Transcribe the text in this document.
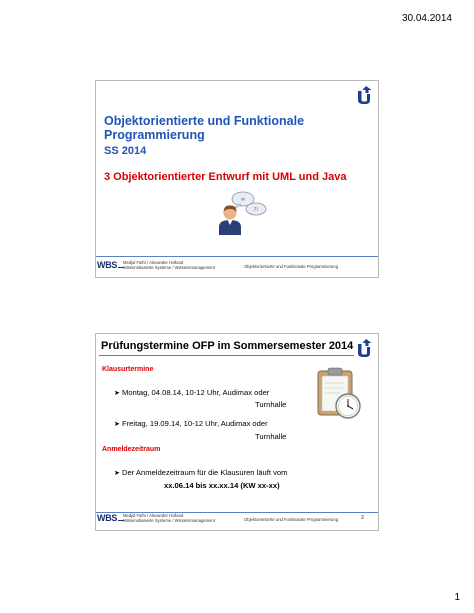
30.04.2014
Objektorientierte und Funktionale
Programmierung
SS 2014
3 Objektorientierter Entwurf mit UML und Java
∞
?!
WBS	Medjid Fathi / Alexander Holland
Wissensbasierte Systeme / Wissensmanagement	Objektorientierte und Funktionale Programmierung
Prüfungstermine OFP im Sommersemester 2014
Klausurtermine
➤ Montag, 04.08.14, 10-12 Uhr, Audimax oder
Turnhalle
➤ Freitag, 19.09.14, 10-12 Uhr, Audimax oder
Turnhalle
Anmeldezeitraum
➤ Der Anmeldezeitraum für die Klausuren läuft vom
xx.06.14 bis xx.xx.14 (KW xx-xx)
WBS	Medjid Fathi / Alexander Holland
Wissensbasierte Systeme / Wissensmanagement	Objektorientierte und Funktionale Programmierung	2
1
